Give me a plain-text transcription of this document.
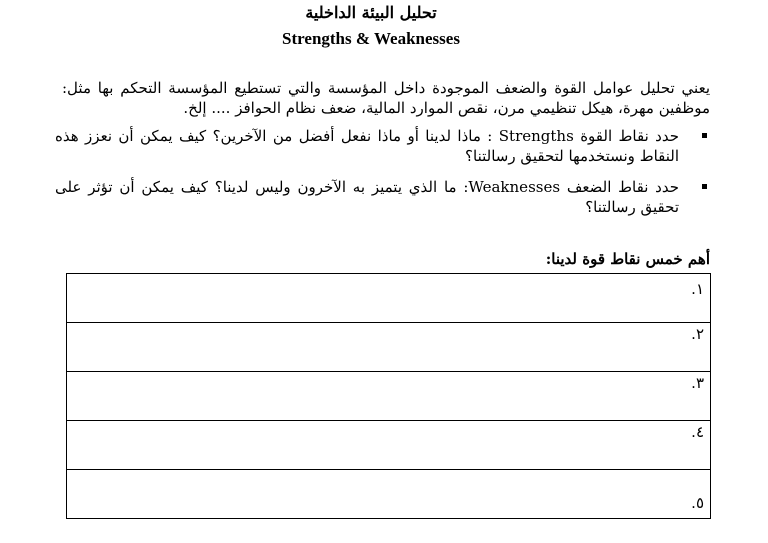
تحليل البيئة الداخلية
Strengths & Weaknesses

يعني تحليل عوامل القوة والضعف الموجودة داخل المؤسسة والتي تستطيع المؤسسة التحكم بها مثل: موظفين مهرة، هيكل تنظيمي مرن، نقص الموارد المالية، ضعف نظام الحوافز .... إلخ.

حدد نقاط القوة Strengths : ماذا لدينا أو ماذا نفعل أفضل من الآخرين؟ كيف يمكن أن نعزز هذه النقاط ونستخدمها لتحقيق رسالتنا؟
حدد نقاط الضعف Weaknesses: ما الذي يتميز به الآخرون وليس لدينا؟ كيف يمكن أن تؤثر على تحقيق رسالتنا؟
أهم خمس نقاط قوة لدينا:
١.

٢.

٣.

٤.

٥.
